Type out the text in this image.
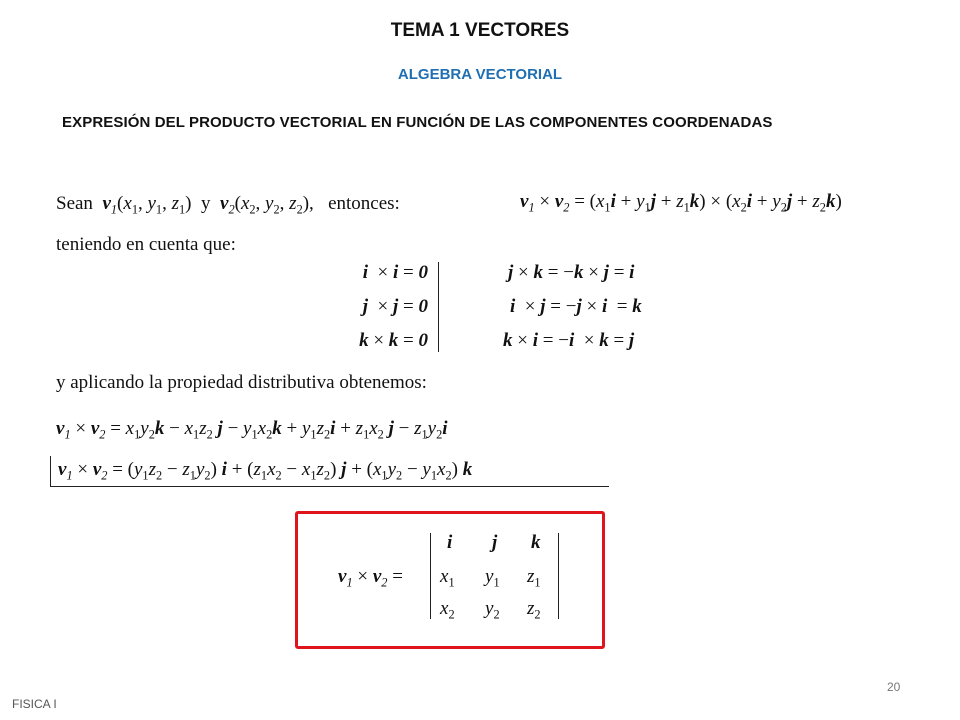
TEMA 1 VECTORES
ALGEBRA VECTORIAL
EXPRESIÓN DEL PRODUCTO VECTORIAL EN FUNCIÓN DE LAS COMPONENTES COORDENADAS
Sean $v_1(x_1$, $y_1$, $z_1$)  y $v_2(x_2$, $y_2$, $z_2$),   entonces:	$v_1 \times v_2 = (x_1i + y_1j + z_1k) \times (x_2i + y_2j + z_2k)$
teniendo en cuenta que:
i  × i = 0
j  × j = 0
k × k = 0
j × k = −k × j = i
i  × j = −j × i  = k
k × i = −i  × k = j
y aplicando la propiedad distributiva obtenemos:
$v_1 \times v_2 = x_1y_2k - x_1z_2$ $j - y_1x_2k + y_1z_2i + z_1x_2$ $j - z_1y_2i$
$v_1 \times v_2 = (y_1z_2 - z_1y_2) i + (z_1x_2 - x_1z_2) j + (x_1y_2 - y_1x_2)$ k
$v_1 \times v_2$ =
i j k
$x_1$ $y_1$ $z_1$
$x_2$ $y_2$ $z_2$
20
FISICA I
